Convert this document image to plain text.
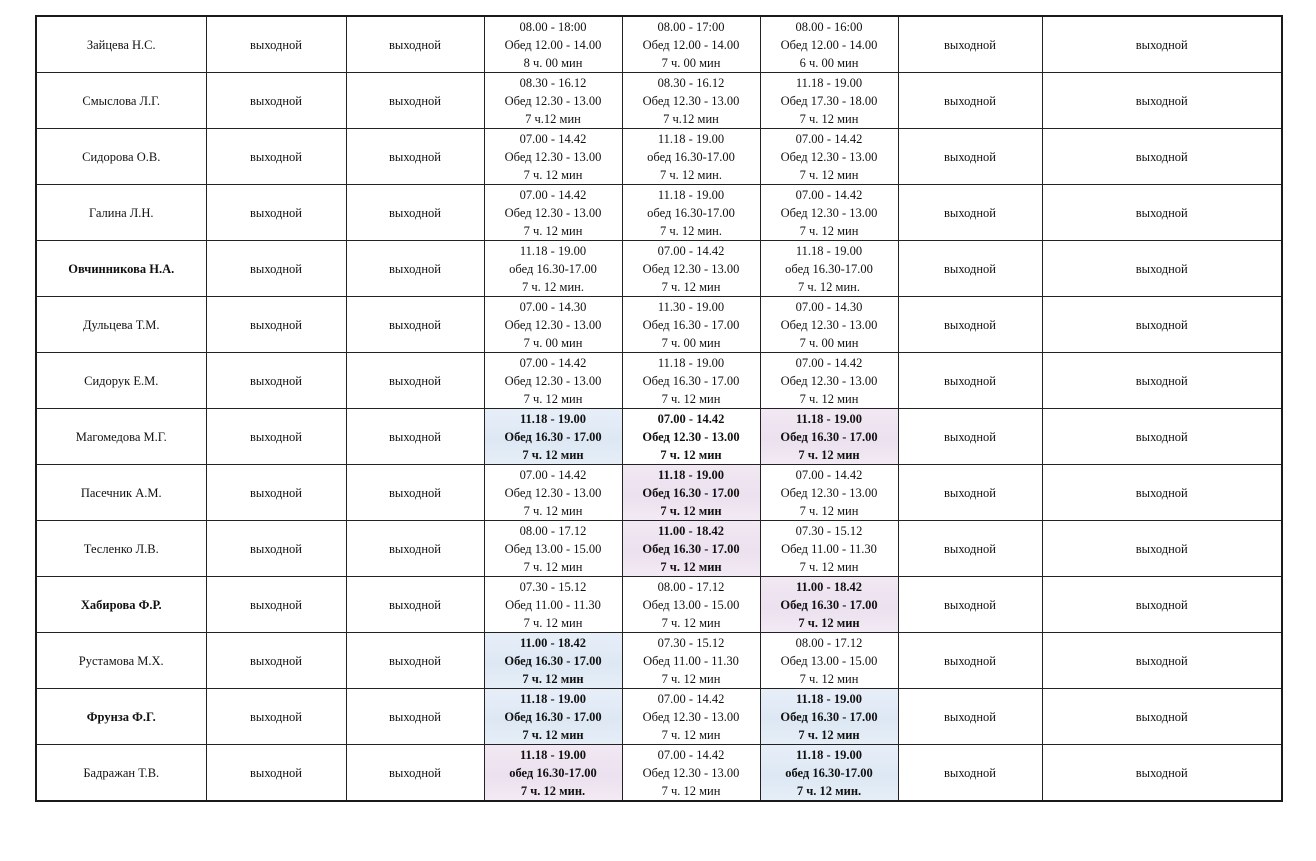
Зайцева Н.С.	выходной	выходной	08.00 - 18:00
Обед 12.00 - 14.00
8 ч. 00 мин	08.00 - 17:00
Обед 12.00 - 14.00
7 ч. 00 мин	08.00 - 16:00
Обед 12.00 - 14.00
6 ч. 00 мин	выходной	выходной
Смыслова Л.Г.	выходной	выходной	08.30 - 16.12
Обед 12.30 - 13.00
7 ч.12 мин	08.30 - 16.12
Обед 12.30 - 13.00
7 ч.12 мин	11.18 - 19.00
Обед 17.30 - 18.00
7 ч. 12 мин	выходной	выходной
Сидорова О.В.	выходной	выходной	07.00 - 14.42
Обед 12.30 - 13.00
7 ч. 12 мин	11.18 - 19.00
обед 16.30-17.00
7 ч. 12 мин.	07.00 - 14.42
Обед 12.30 - 13.00
7 ч. 12 мин	выходной	выходной
Галина Л.Н.	выходной	выходной	07.00 - 14.42
Обед 12.30 - 13.00
7 ч. 12 мин	11.18 - 19.00
обед 16.30-17.00
7 ч. 12 мин.	07.00 - 14.42
Обед 12.30 - 13.00
7 ч. 12 мин	выходной	выходной
Овчинникова Н.А.	выходной	выходной	11.18 - 19.00
обед 16.30-17.00
7 ч. 12 мин.	07.00 - 14.42
Обед 12.30 - 13.00
7 ч. 12 мин	11.18 - 19.00
обед 16.30-17.00
7 ч. 12 мин.	выходной	выходной
Дульцева Т.М.	выходной	выходной	07.00 - 14.30
Обед 12.30 - 13.00
7 ч. 00 мин	11.30 - 19.00
Обед 16.30 - 17.00
7 ч. 00 мин	07.00 - 14.30
Обед 12.30 - 13.00
7 ч. 00 мин	выходной	выходной
Сидорук Е.М.	выходной	выходной	07.00 - 14.42
Обед 12.30 - 13.00
7 ч. 12 мин	11.18 - 19.00
Обед 16.30 - 17.00
7 ч. 12 мин	07.00 - 14.42
Обед 12.30 - 13.00
7 ч. 12 мин	выходной	выходной
Магомедова М.Г.	выходной	выходной	11.18 - 19.00
Обед 16.30 - 17.00
7 ч. 12 мин	07.00 - 14.42
Обед 12.30 - 13.00
7 ч. 12 мин	11.18 - 19.00
Обед 16.30 - 17.00
7 ч. 12 мин	выходной	выходной
Пасечник А.М.	выходной	выходной	07.00 - 14.42
Обед 12.30 - 13.00
7 ч. 12 мин	11.18 - 19.00
Обед 16.30 - 17.00
7 ч. 12 мин	07.00 - 14.42
Обед 12.30 - 13.00
7 ч. 12 мин	выходной	выходной
Тесленко Л.В.	выходной	выходной	08.00 - 17.12
Обед 13.00 - 15.00
7 ч. 12 мин	11.00 - 18.42
Обед 16.30 - 17.00
7 ч. 12 мин	07.30 - 15.12
Обед 11.00 - 11.30
7 ч. 12 мин	выходной	выходной
Хабирова Ф.Р.	выходной	выходной	07.30 - 15.12
Обед 11.00 - 11.30
7 ч. 12 мин	08.00 - 17.12
Обед 13.00 - 15.00
7 ч. 12 мин	11.00 - 18.42
Обед 16.30 - 17.00
7 ч. 12 мин	выходной	выходной
Рустамова М.Х.	выходной	выходной	11.00 - 18.42
Обед 16.30 - 17.00
7 ч. 12 мин	07.30 - 15.12
Обед 11.00 - 11.30
7 ч. 12 мин	08.00 - 17.12
Обед 13.00 - 15.00
7 ч. 12 мин	выходной	выходной
Фрунза Ф.Г.	выходной	выходной	11.18 - 19.00
Обед 16.30 - 17.00
7 ч. 12 мин	07.00 - 14.42
Обед 12.30 - 13.00
7 ч. 12 мин	11.18 - 19.00
Обед 16.30 - 17.00
7 ч. 12 мин	выходной	выходной
Бадражан Т.В.	выходной	выходной	11.18 - 19.00
обед 16.30-17.00
7 ч. 12 мин.	07.00 - 14.42
Обед 12.30 - 13.00
7 ч. 12 мин	11.18 - 19.00
обед 16.30-17.00
7 ч. 12 мин.	выходной	выходной
